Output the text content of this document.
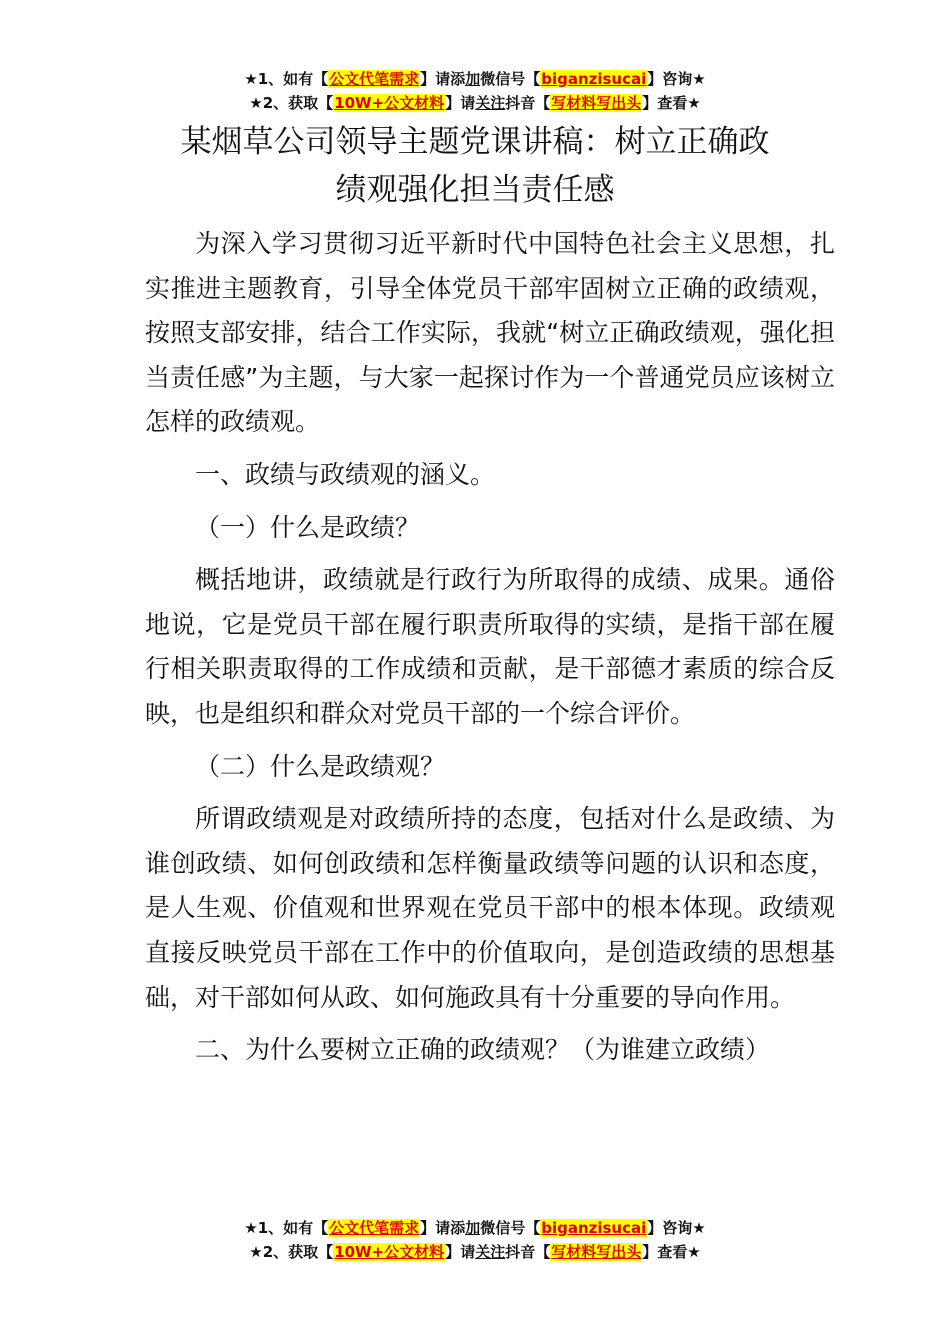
★1、如有【公文代笔需求】请添加微信号【biganzisucai】咨询★
★2、获取【10W+公文材料】请关注抖音【写材料写出头】查看★
某烟草公司领导主题党课讲稿：树立正确政
绩观强化担当责任感

为深入学习贯彻习近平新时代中国特色社会主义思想，扎实推进主题教育，引导全体党员干部牢固树立正确的政绩观，按照支部安排，结合工作实际，我就“树立正确政绩观，强化担当责任感”为主题，与大家一起探讨作为一个普通党员应该树立怎样的政绩观。

一、政绩与政绩观的涵义。

（一）什么是政绩？

概括地讲，政绩就是行政行为所取得的成绩、成果。通俗地说，它是党员干部在履行职责所取得的实绩，是指干部在履行相关职责取得的工作成绩和贡献，是干部德才素质的综合反映，也是组织和群众对党员干部的一个综合评价。

（二）什么是政绩观？

所谓政绩观是对政绩所持的态度，包括对什么是政绩、为谁创政绩、如何创政绩和怎样衡量政绩等问题的认识和态度，是人生观、价值观和世界观在党员干部中的根本体现。政绩观直接反映党员干部在工作中的价值取向，是创造政绩的思想基础，对干部如何从政、如何施政具有十分重要的导向作用。

二、为什么要树立正确的政绩观？（为谁建立政绩）

★1、如有【公文代笔需求】请添加微信号【biganzisucai】咨询★
★2、获取【10W+公文材料】请关注抖音【写材料写出头】查看★
